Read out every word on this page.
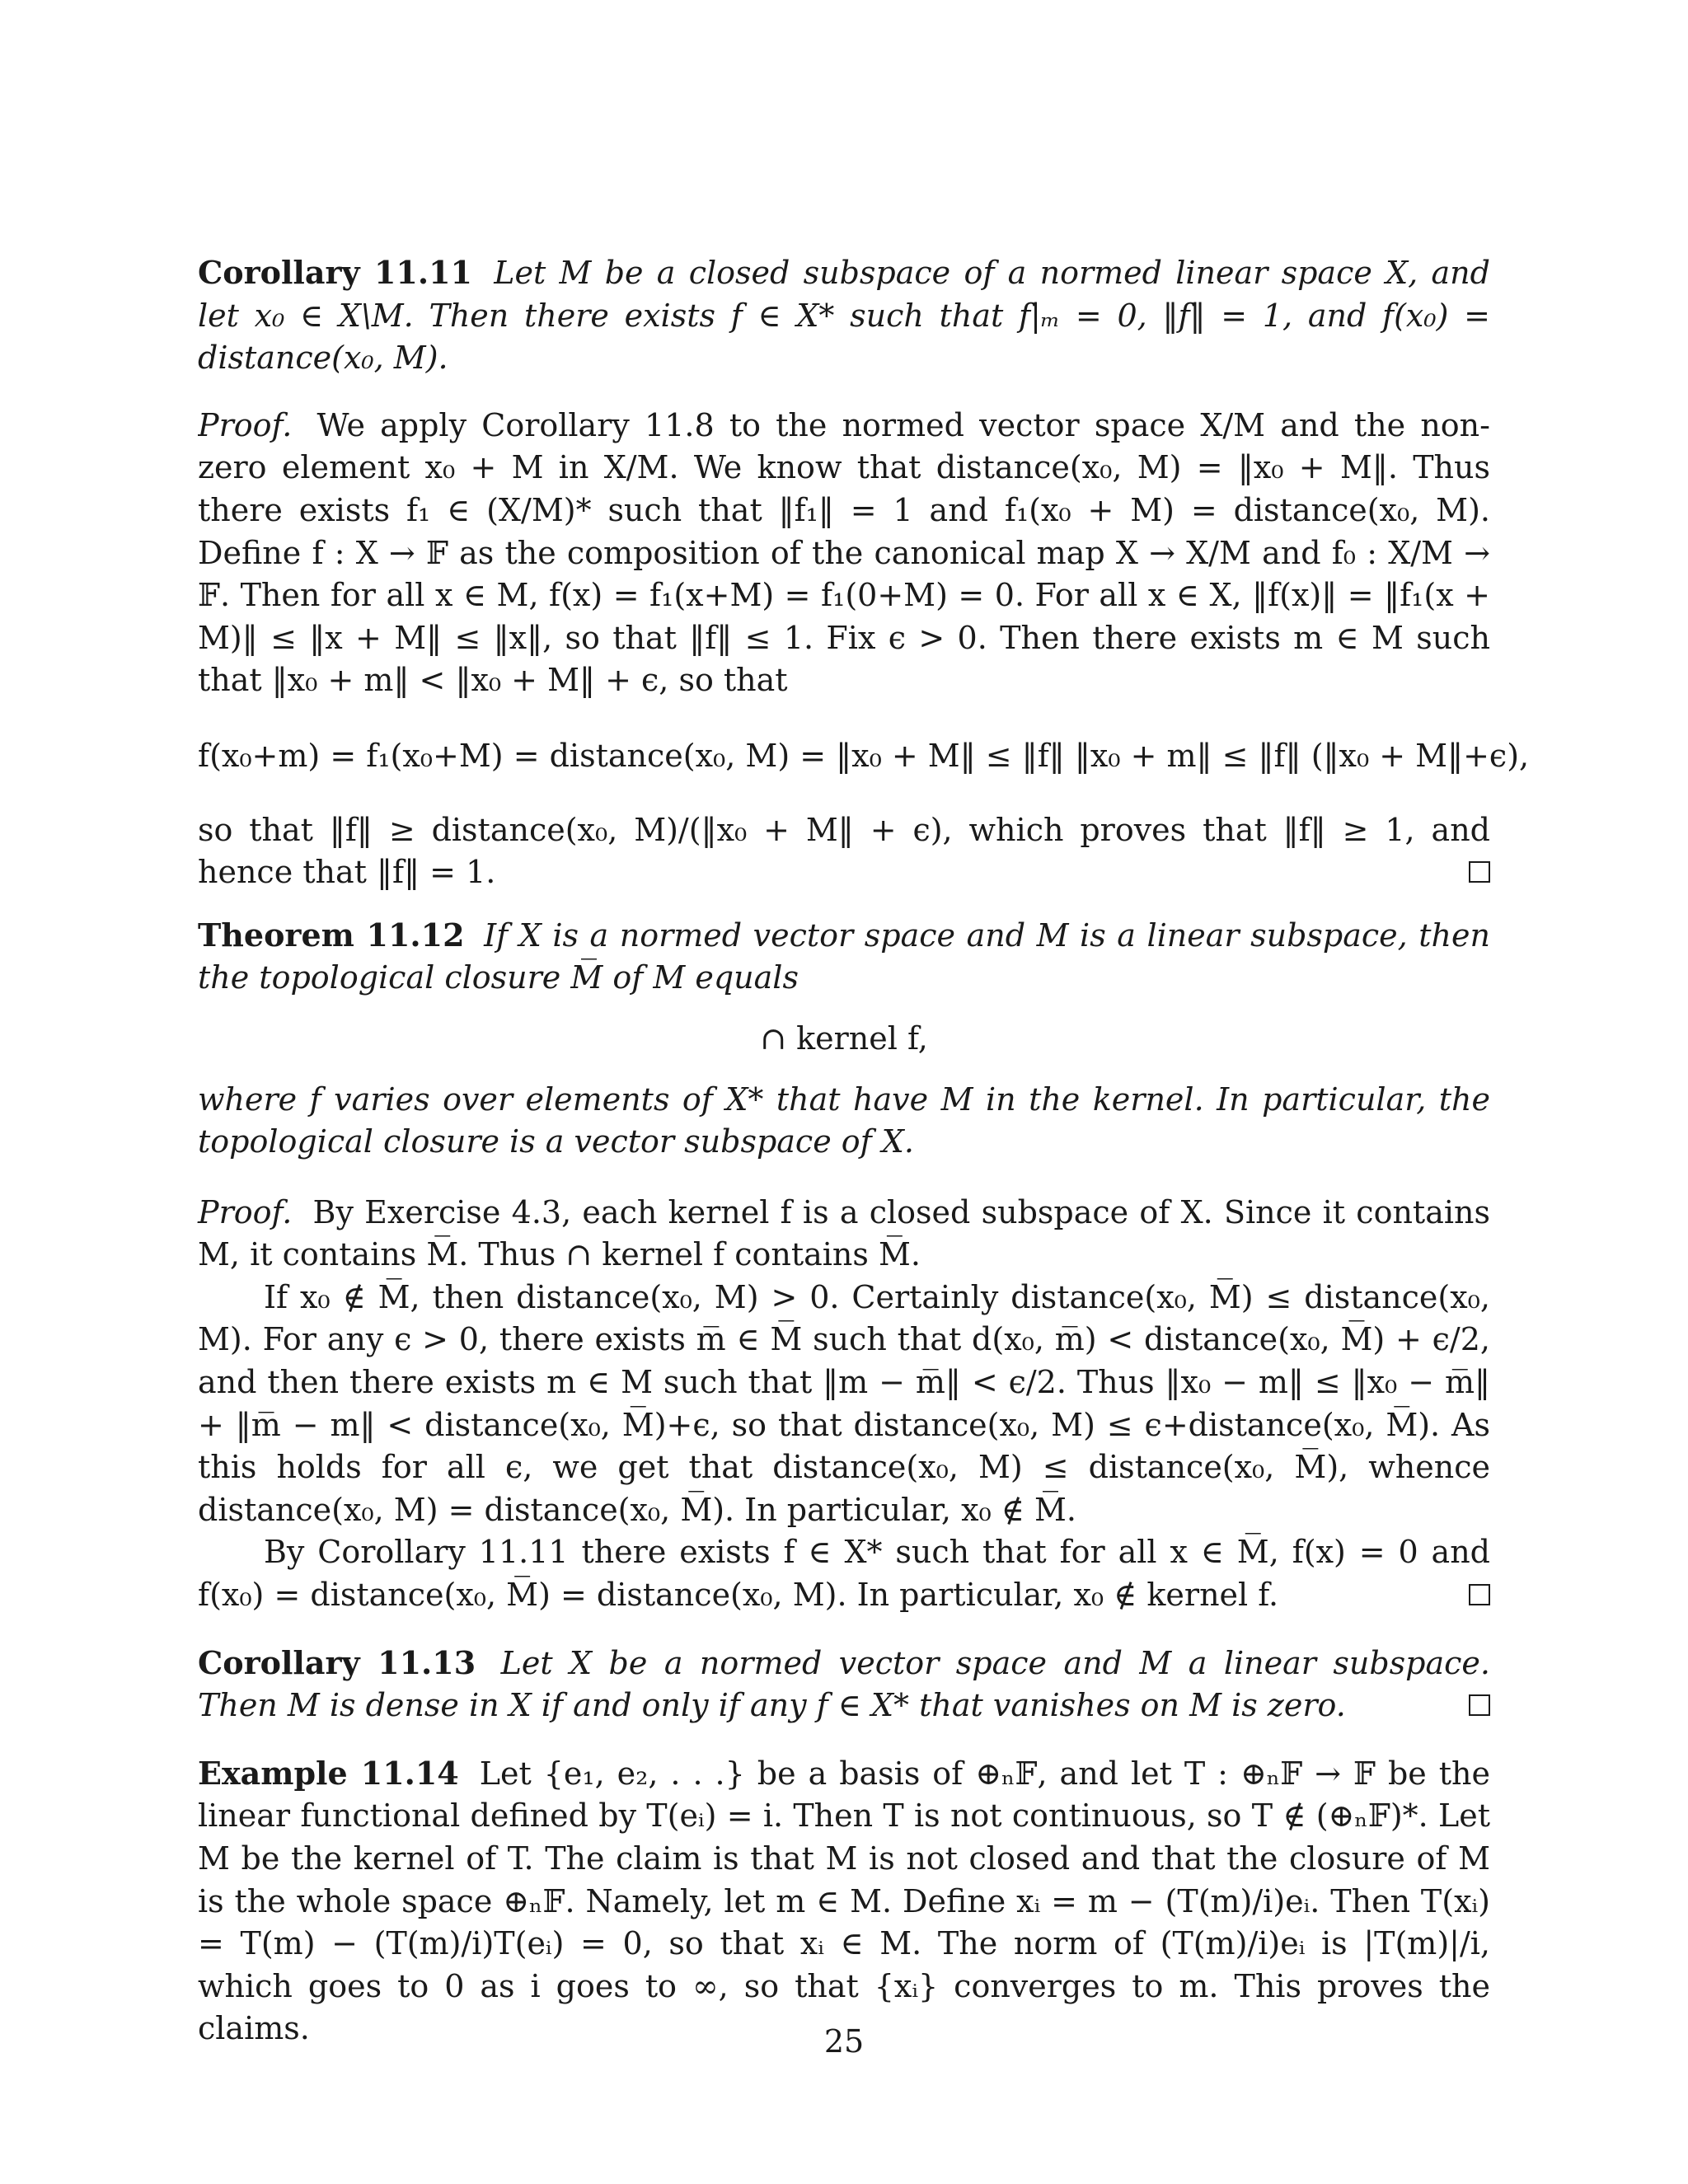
Corollary 11.11 Let M be a closed subspace of a normed linear space X, and let x₀ ∈ X\M. Then there exists f ∈ X* such that f|ₘ = 0, ‖f‖ = 1, and f(x₀) = distance(x₀, M).

Proof. We apply Corollary 11.8 to the normed vector space X/M and the non-zero element x₀ + M in X/M. We know that distance(x₀, M) = ‖x₀ + M‖. Thus there exists f₁ ∈ (X/M)* such that ‖f₁‖ = 1 and f₁(x₀ + M) = distance(x₀, M). Define f : X → 𝔽 as the composition of the canonical map X → X/M and f₀ : X/M → 𝔽. Then for all x ∈ M, f(x) = f₁(x+M) = f₁(0+M) = 0. For all x ∈ X, ‖f(x)‖ = ‖f₁(x + M)‖ ≤ ‖x + M‖ ≤ ‖x‖, so that ‖f‖ ≤ 1. Fix ϵ > 0. Then there exists m ∈ M such that ‖x₀ + m‖ < ‖x₀ + M‖ + ϵ, so that

f(x₀+m) = f₁(x₀+M) = distance(x₀, M) = ‖x₀ + M‖ ≤ ‖f‖ ‖x₀ + m‖ ≤ ‖f‖ (‖x₀ + M‖+ϵ),

so that ‖f‖ ≥ distance(x₀, M)/(‖x₀ + M‖ + ϵ), which proves that ‖f‖ ≥ 1, and hence that ‖f‖ = 1.

Theorem 11.12 If X is a normed vector space and M is a linear subspace, then the topological closure M̅ of M equals

∩ kernel f,

where f varies over elements of X* that have M in the kernel. In particular, the topological closure is a vector subspace of X.

Proof. By Exercise 4.3, each kernel f is a closed subspace of X. Since it contains M, it contains M̅. Thus ∩ kernel f contains M̅.

If x₀ ∉ M̅, then distance(x₀, M) > 0. Certainly distance(x₀, M̅) ≤ distance(x₀, M). For any ϵ > 0, there exists m̅ ∈ M̅ such that d(x₀, m̅) < distance(x₀, M̅) + ϵ/2, and then there exists m ∈ M such that ‖m − m̅‖ < ϵ/2. Thus ‖x₀ − m‖ ≤ ‖x₀ − m̅‖ + ‖m̅ − m‖ < distance(x₀, M̅)+ϵ, so that distance(x₀, M) ≤ ϵ+distance(x₀, M̅). As this holds for all ϵ, we get that distance(x₀, M) ≤ distance(x₀, M̅), whence distance(x₀, M) = distance(x₀, M̅). In particular, x₀ ∉ M̅.

By Corollary 11.11 there exists f ∈ X* such that for all x ∈ M̅, f(x) = 0 and f(x₀) = distance(x₀, M̅) = distance(x₀, M). In particular, x₀ ∉ kernel f.

Corollary 11.13 Let X be a normed vector space and M a linear subspace. Then M is dense in X if and only if any f ∈ X* that vanishes on M is zero.

Example 11.14 Let {e₁, e₂, . . .} be a basis of ⊕ₙ𝔽, and let T : ⊕ₙ𝔽 → 𝔽 be the linear functional defined by T(eᵢ) = i. Then T is not continuous, so T ∉ (⊕ₙ𝔽)*. Let M be the kernel of T. The claim is that M is not closed and that the closure of M is the whole space ⊕ₙ𝔽. Namely, let m ∈ M. Define xᵢ = m − (T(m)/i)eᵢ. Then T(xᵢ) = T(m) − (T(m)/i)T(eᵢ) = 0, so that xᵢ ∈ M. The norm of (T(m)/i)eᵢ is |T(m)|/i, which goes to 0 as i goes to ∞, so that {xᵢ} converges to m. This proves the claims.	25
